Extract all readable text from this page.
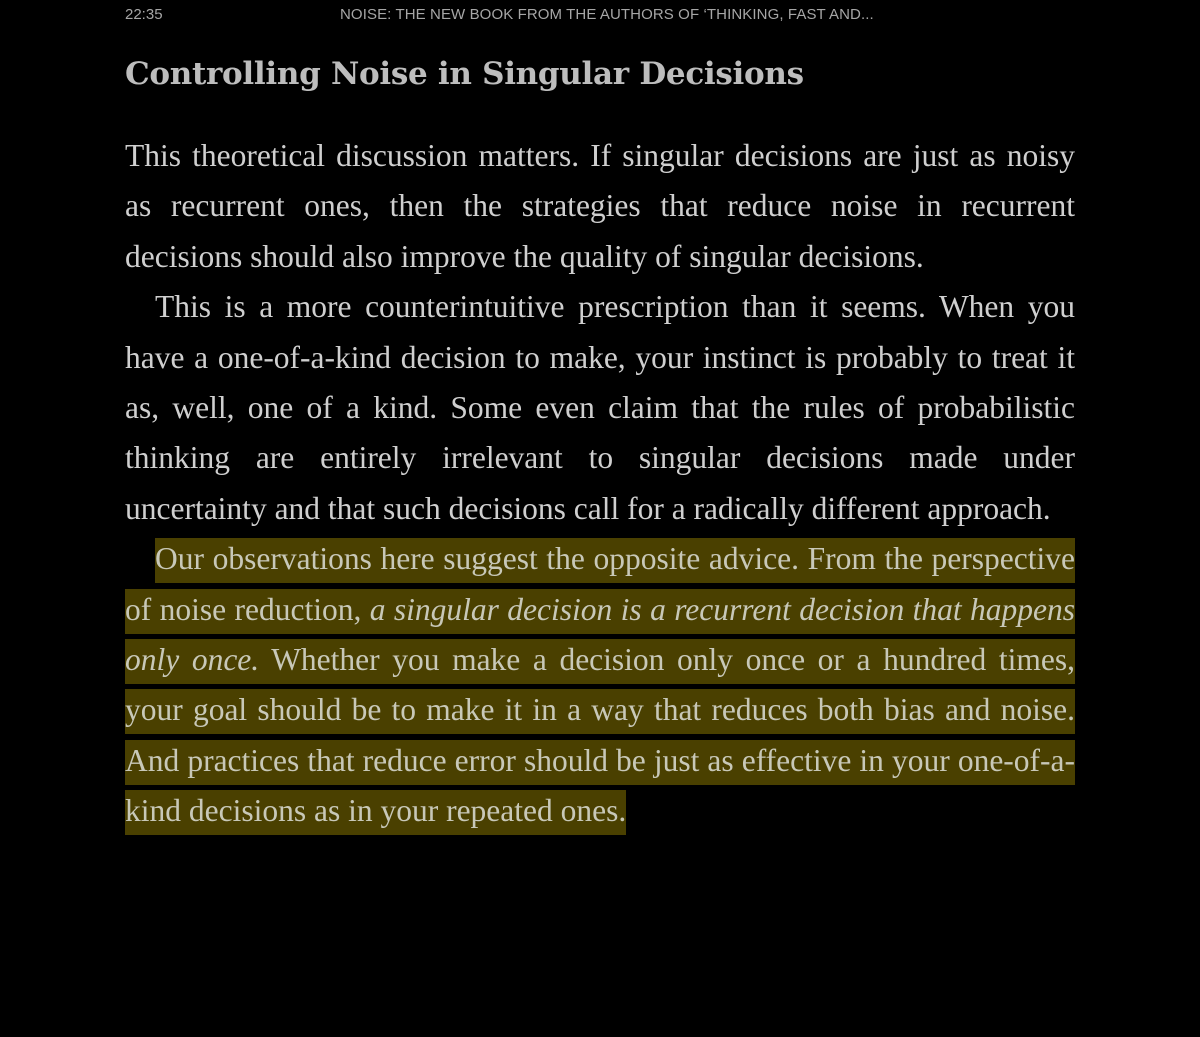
22:35	NOISE: THE NEW BOOK FROM THE AUTHORS OF ‘THINKING, FAST AND...
Controlling Noise in Singular Decisions

This theoretical discussion matters. If singular decisions are just as noisy as recurrent ones, then the strategies that reduce noise in recurrent decisions should also improve the quality of singular decisions.

This is a more counterintuitive prescription than it seems. When you have a one-of-a-kind decision to make, your instinct is probably to treat it as, well, one of a kind. Some even claim that the rules of probabilistic thinking are entirely irrelevant to singular decisions made under uncertainty and that such decisions call for a radically different approach.

Our observations here suggest the opposite advice. From the perspective of noise reduction, a singular decision is a recurrent decision that happens only once. Whether you make a decision only once or a hundred times, your goal should be to make it in a way that reduces both bias and noise. And practices that reduce error should be just as effective in your one-of-a-kind decisions as in your repeated ones.
